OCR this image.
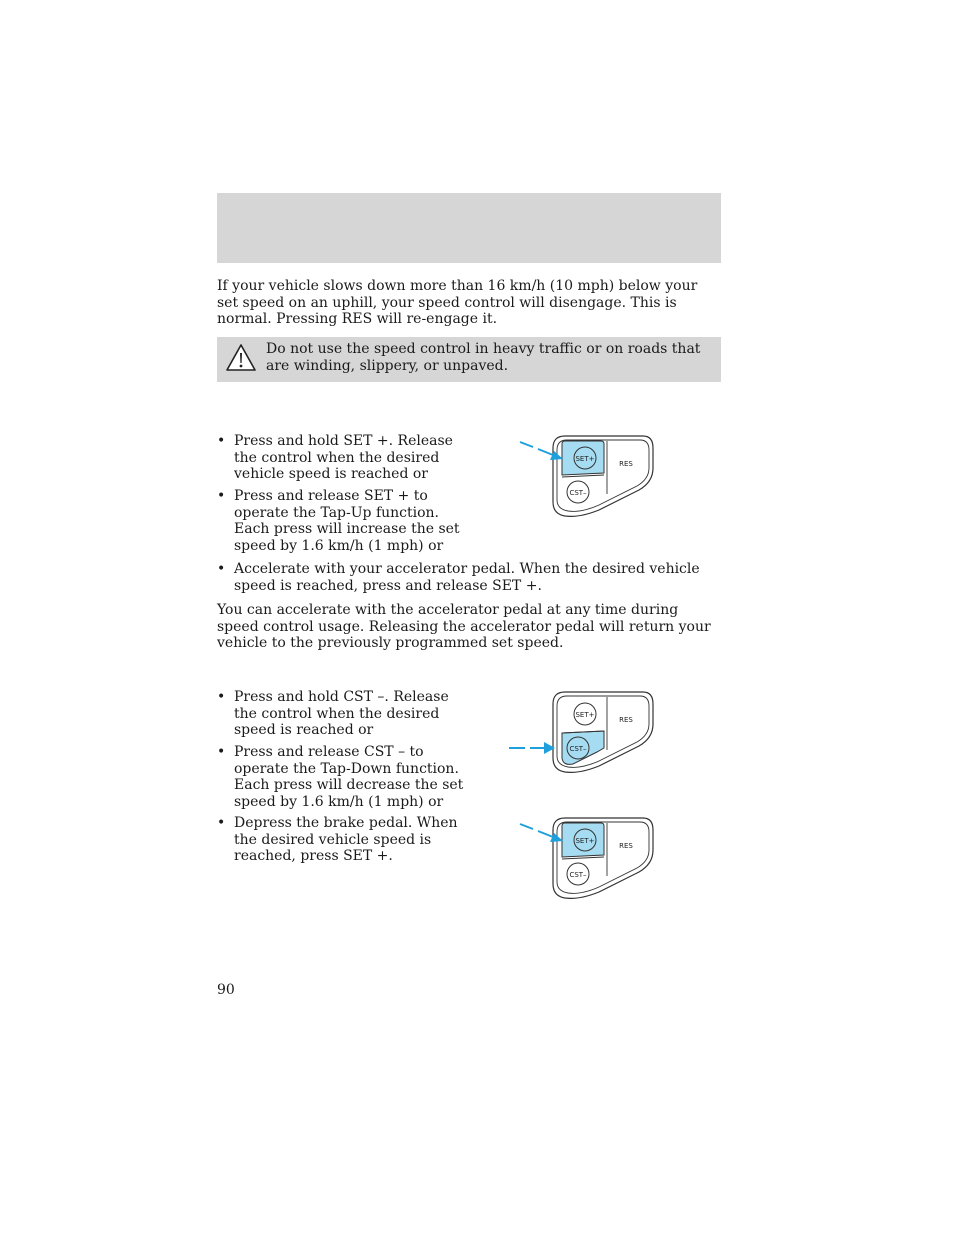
If your vehicle slows down more than 16 km/h (10 mph) below your set speed on an uphill, your speed control will disengage. This is normal. Pressing RES will re-engage it.

Do not use the speed control in heavy traffic or on roads that are winding, slippery, or unpaved.

• Press and hold SET +. Release the control when the desired vehicle speed is reached or
• Press and release SET + to operate the Tap-Up function. Each press will increase the set speed by 1.6 km/h (1 mph) or
• Accelerate with your accelerator pedal. When the desired vehicle speed is reached, press and release SET +.

You can accelerate with the accelerator pedal at any time during speed control usage. Releasing the accelerator pedal will return your vehicle to the previously programmed set speed.

• Press and hold CST –. Release the control when the desired speed is reached or
• Press and release CST – to operate the Tap-Down function. Each press will decrease the set speed by 1.6 km/h (1 mph) or
• Depress the brake pedal. When the desired vehicle speed is reached, press SET +.
SET+
CST–
RES
SET+
CST–
RES
SET+
CST–
RES

90
